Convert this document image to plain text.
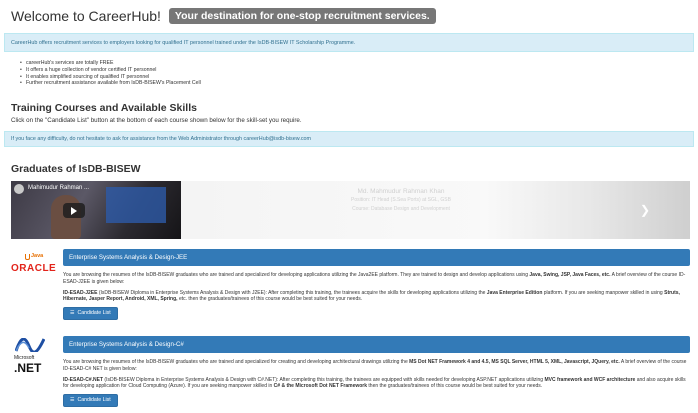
Welcome to CareerHub!	Your destination for one-stop recruitment services.
CareerHub offers recruitment services to employers looking for qualified IT personnel trained under the IsDB-BISEW IT Scholarship Programme.
• careerHub's services are totally FREE
• It offers a huge collection of vendor certified IT personnel
• It enables simplified sourcing of qualified IT personnel
• Further recruitment assistance available from IsDB-BISEW's Placement Cell
Training Courses and Available Skills
Click on the "Candidate List" button at the bottom of each course shown below for the skill-set you require.
If you face any difficulty, do not hesitate to ask for assistance from the Web Administrator through
careerHub@isdb-bisew.com
Graduates of IsDB-BISEW
Mahimudur Rahman ...	Md. Mahmudur Rahman Khan
Position: IT Head (S.Sea Ports) at SGL, GSB
Course: Database Design and Development	❯
Java
ORACLE
Enterprise Systems Analysis & Design-JEE

You are browsing the resumes of the IsDB-BISEW graduates who are trained and specialized for developing applications utilizing the Java2EE platform. They are trained to design and develop applications using Java, Swing, JSP, Java Faces, etc. A brief overview of the course ID-ESAD-J2EE is given below:

ID-ESAD-J2EE (IsDB-BISEW Diploma in Enterprise Systems Analysis & Design with J2EE): After completing this training, the trainees acquire the skills for developing applications utilizing the Java Enterprise Edition platform. If you are seeking manpower skilled in using Struts, Hibernate, Jasper Report, Android, XML, Spring, etc. then the graduates/trainees of this course would be best suited for your needs.

☰ Candidate List
Microsoft
.NET
Enterprise Systems Analysis & Design-C#

You are browsing the resumes of the IsDB-BISEW graduates who are trained and specialized for creating and developing architectural drawings utilizing the MS Dot NET Framework 4 and 4.5, MS SQL Server, HTML 5, XML, Javascript, JQuery, etc. A brief overview of the course ID-ESAD-C# NET is given below:

ID-ESAD-C#.NET (IsDB-BISEW Diploma in Enterprise Systems Analysis & Design with C#.NET): After completing this training, the trainees are equipped with skills needed for developing ASP.NET applications utilizing MVC framework and WCF architecture and also acquire skills for developing application for Cloud Computing (Azure). If you are seeking manpower skilled in C# & the Microsoft Dot NET Framework then the graduates/trainees of this course would be best suited for your needs.

☰ Candidate List
